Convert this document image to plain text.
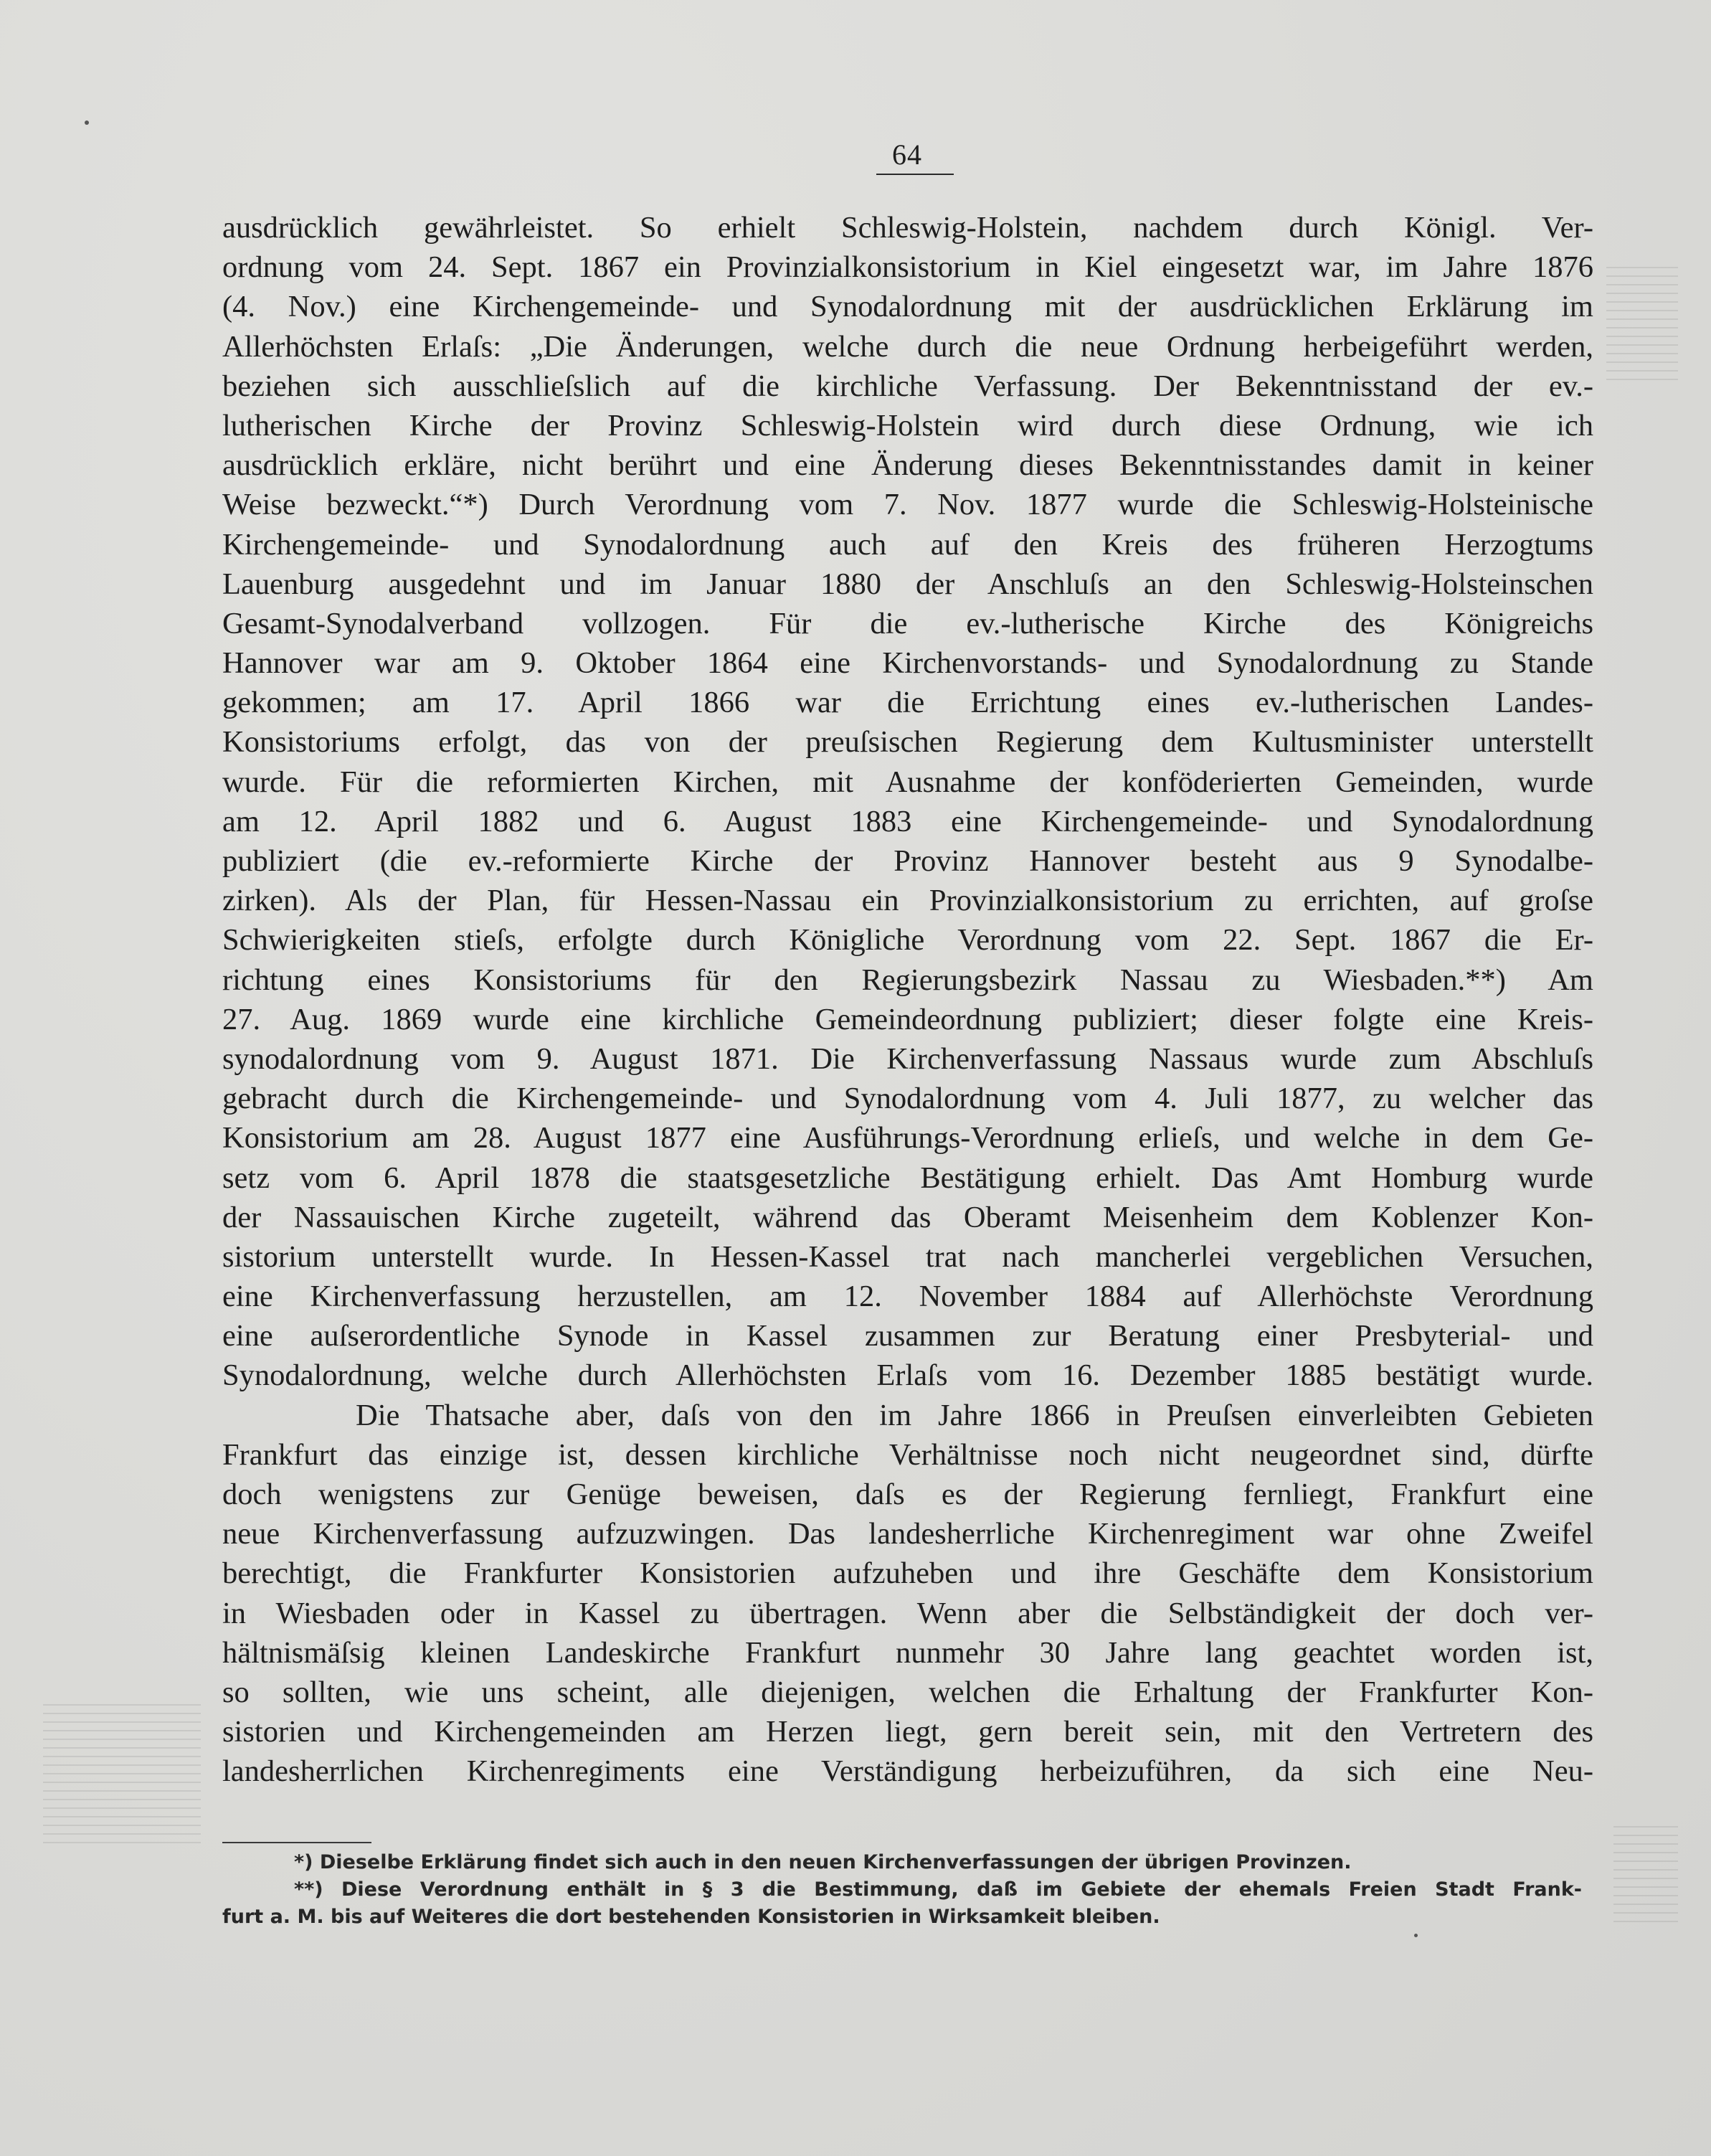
64
ausdrücklich gewährleistet. So erhielt Schleswig-Holstein, nachdem durch Königl. Ver-
ordnung vom 24. Sept. 1867 ein Provinzialkonsistorium in Kiel eingesetzt war, im Jahre 1876
(4. Nov.) eine Kirchengemeinde- und Synodalordnung mit der ausdrücklichen Erklärung im
Allerhöchsten Erlaſs: „Die Änderungen, welche durch die neue Ordnung herbeigeführt werden,
beziehen sich ausschlieſslich auf die kirchliche Verfassung. Der Bekenntnisstand der ev.-
lutherischen Kirche der Provinz Schleswig-Holstein wird durch diese Ordnung, wie ich
ausdrücklich erkläre, nicht berührt und eine Änderung dieses Bekenntnisstandes damit in keiner
Weise bezweckt.“*) Durch Verordnung vom 7. Nov. 1877 wurde die Schleswig-Holsteinische
Kirchengemeinde- und Synodalordnung auch auf den Kreis des früheren Herzogtums
Lauenburg ausgedehnt und im Januar 1880 der Anschluſs an den Schleswig-Holsteinschen
Gesamt-Synodalverband vollzogen. Für die ev.-lutherische Kirche des Königreichs
Hannover war am 9. Oktober 1864 eine Kirchenvorstands- und Synodalordnung zu Stande
gekommen; am 17. April 1866 war die Errichtung eines ev.-lutherischen Landes-
Konsistoriums erfolgt, das von der preuſsischen Regierung dem Kultusminister unterstellt
wurde. Für die reformierten Kirchen, mit Ausnahme der konföderierten Gemeinden, wurde
am 12. April 1882 und 6. August 1883 eine Kirchengemeinde- und Synodalordnung
publiziert (die ev.-reformierte Kirche der Provinz Hannover besteht aus 9 Synodalbe-
zirken). Als der Plan, für Hessen-Nassau ein Provinzialkonsistorium zu errichten, auf groſse
Schwierigkeiten stieſs, erfolgte durch Königliche Verordnung vom 22. Sept. 1867 die Er-
richtung eines Konsistoriums für den Regierungsbezirk Nassau zu Wiesbaden.**) Am
27. Aug. 1869 wurde eine kirchliche Gemeindeordnung publiziert; dieser folgte eine Kreis-
synodalordnung vom 9. August 1871. Die Kirchenverfassung Nassaus wurde zum Abschluſs
gebracht durch die Kirchengemeinde- und Synodalordnung vom 4. Juli 1877, zu welcher das
Konsistorium am 28. August 1877 eine Ausführungs-Verordnung erlieſs, und welche in dem Ge-
setz vom 6. April 1878 die staatsgesetzliche Bestätigung erhielt. Das Amt Homburg wurde
der Nassauischen Kirche zugeteilt, während das Oberamt Meisenheim dem Koblenzer Kon-
sistorium unterstellt wurde. In Hessen-Kassel trat nach mancherlei vergeblichen Versuchen,
eine Kirchenverfassung herzustellen, am 12. November 1884 auf Allerhöchste Verordnung
eine auſserordentliche Synode in Kassel zusammen zur Beratung einer Presbyterial- und
Synodalordnung, welche durch Allerhöchsten Erlaſs vom 16. Dezember 1885 bestätigt wurde.
Die Thatsache aber, daſs von den im Jahre 1866 in Preuſsen einverleibten Gebieten
Frankfurt das einzige ist, dessen kirchliche Verhältnisse noch nicht neugeordnet sind, dürfte
doch wenigstens zur Genüge beweisen, daſs es der Regierung fernliegt, Frankfurt eine
neue Kirchenverfassung aufzuzwingen. Das landesherrliche Kirchenregiment war ohne Zweifel
berechtigt, die Frankfurter Konsistorien aufzuheben und ihre Geschäfte dem Konsistorium
in Wiesbaden oder in Kassel zu übertragen. Wenn aber die Selbständigkeit der doch ver-
hältnismäſsig kleinen Landeskirche Frankfurt nunmehr 30 Jahre lang geachtet worden ist,
so sollten, wie uns scheint, alle diejenigen, welchen die Erhaltung der Frankfurter Kon-
sistorien und Kirchengemeinden am Herzen liegt, gern bereit sein, mit den Vertretern des
landesherrlichen Kirchenregiments eine Verständigung herbeizuführen, da sich eine Neu-
*) Dieselbe Erklärung findet sich auch in den neuen Kirchenverfassungen der übrigen Provinzen.
**) Diese Verordnung enthält in § 3 die Bestimmung, daß im Gebiete der ehemals Freien Stadt Frank-
furt a. M. bis auf Weiteres die dort bestehenden Konsistorien in Wirksamkeit bleiben.
